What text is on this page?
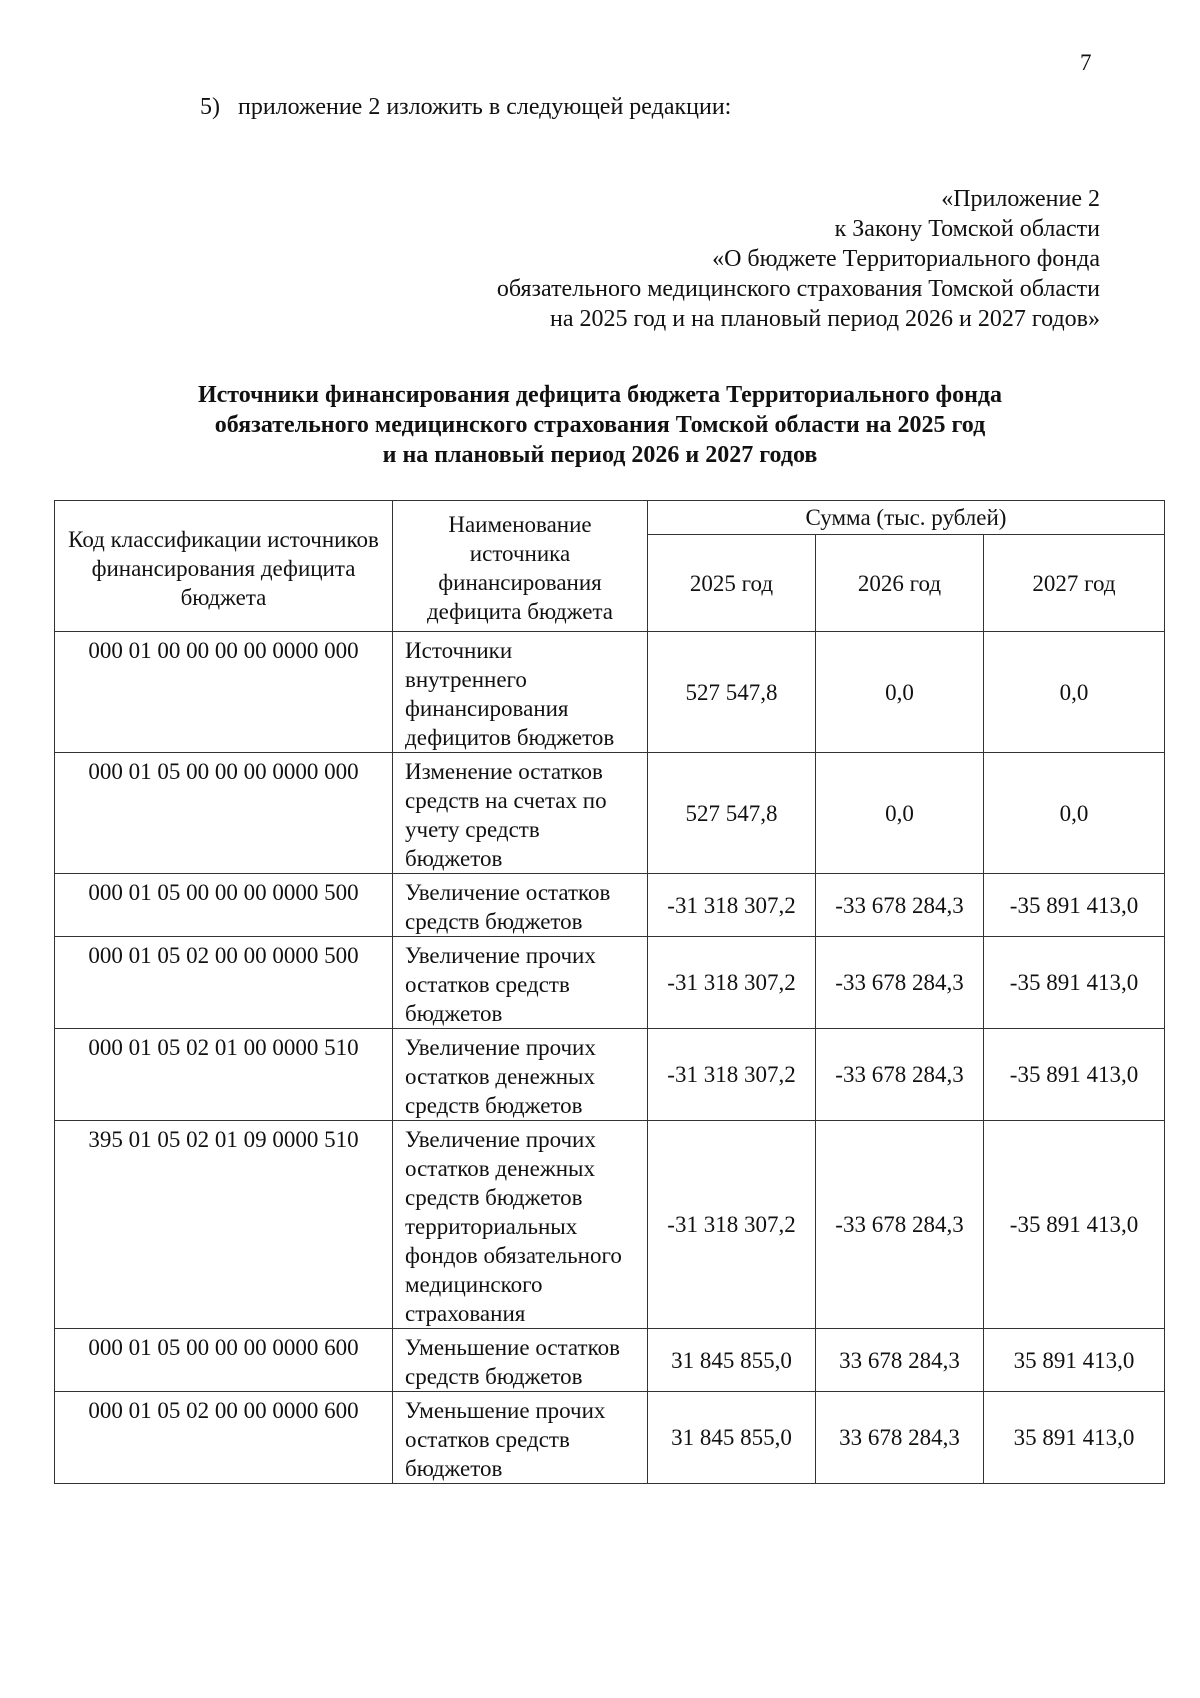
7
5)   приложение 2 изложить в следующей редакции:
«Приложение 2
к Закону Томской области
«О бюджете Территориального фонда
обязательного медицинского страхования Томской области
на 2025 год и на плановый период 2026 и 2027 годов»
Источники финансирования дефицита бюджета Территориального фонда
обязательного медицинского страхования Томской области на 2025 год
и на плановый период 2026 и 2027 годов
Код классификации источников финансирования дефицита бюджета	Наименование источника финансирования дефицита бюджета	Сумма (тыс. рублей)		
		2025 год	2026 год	2027 год
000 01 00 00 00 00 0000 000	Источники внутреннего финансирования дефицитов бюджетов	527 547,8	0,0	0,0
000 01 05 00 00 00 0000 000	Изменение остатков средств на счетах по учету средств бюджетов	527 547,8	0,0	0,0
000 01 05 00 00 00 0000 500	Увеличение остатков средств бюджетов	-31 318 307,2	-33 678 284,3	-35 891 413,0
000 01 05 02 00 00 0000 500	Увеличение прочих остатков средств бюджетов	-31 318 307,2	-33 678 284,3	-35 891 413,0
000 01 05 02 01 00 0000 510	Увеличение прочих остатков денежных средств бюджетов	-31 318 307,2	-33 678 284,3	-35 891 413,0
395 01 05 02 01 09 0000 510	Увеличение прочих остатков денежных средств бюджетов территориальных фондов обязательного медицинского страхования	-31 318 307,2	-33 678 284,3	-35 891 413,0
000 01 05 00 00 00 0000 600	Уменьшение остатков средств бюджетов	31 845 855,0	33 678 284,3	35 891 413,0
000 01 05 02 00 00 0000 600	Уменьшение прочих остатков средств бюджетов	31 845 855,0	33 678 284,3	35 891 413,0
